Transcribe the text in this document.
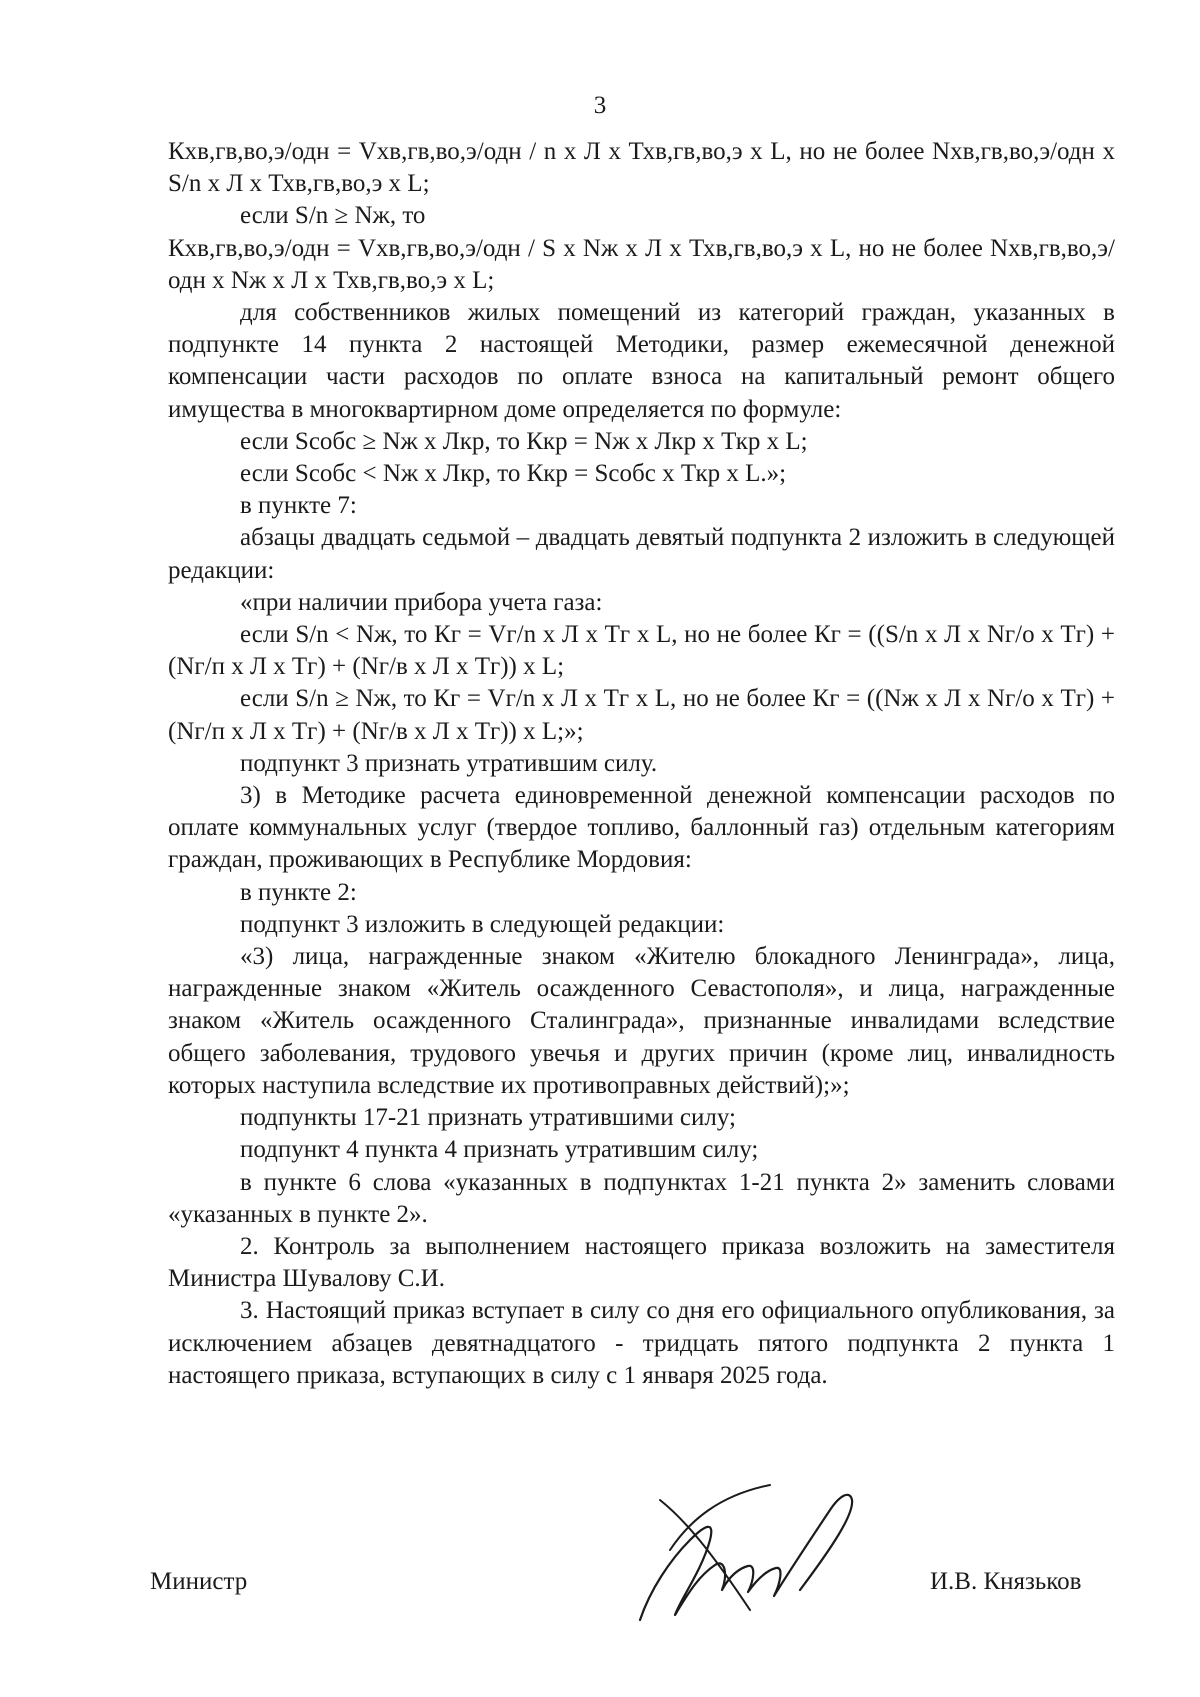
3

Кхв,гв,во,э/одн = Vхв,гв,во,э/одн / n х Л х Тхв,гв,во,э х L, но не более Nхв,гв,во,э/одн х S/n х Л х Тхв,гв,во,э х L;

если S/n ≥ Nж, то

Кхв,гв,во,э/одн = Vхв,гв,во,э/одн / S х Nж х Л х Тхв,гв,во,э х L, но не более Nхв,гв,во,э/одн х Nж х Л х Тхв,гв,во,э х L;

для собственников жилых помещений из категорий граждан, указанных в подпункте 14 пункта 2 настоящей Методики, размер ежемесячной денежной компенсации части расходов по оплате взноса на капитальный ремонт общего имущества в многоквартирном доме определяется по формуле:

если Sсобс ≥ Nж х Лкр, то Ккр = Nж х Лкр х Ткр х L;

если Sсобс < Nж х Лкр, то Ккр = Sсобс х Ткр х L.»;

в пункте 7:

абзацы двадцать седьмой – двадцать девятый подпункта 2 изложить в следующей редакции:

«при наличии прибора учета газа:

если S/n < Nж, то Кг = Vг/n х Л х Тг х L, но не более Кг = ((S/n х Л х Nг/о х Тг) + (Nг/п х Л х Тг) + (Nг/в х Л х Тг)) х L;

если S/n ≥ Nж, то Кг = Vг/n х Л х Тг х L, но не более Кг = ((Nж х Л х Nг/о х Тг) + (Nг/п х Л х Тг) + (Nг/в х Л х Тг)) х L;»;

подпункт 3 признать утратившим силу.

3) в Методике расчета единовременной денежной компенсации расходов по оплате коммунальных услуг (твердое топливо, баллонный газ) отдельным категориям граждан, проживающих в Республике Мордовия:

в пункте 2:

подпункт 3 изложить в следующей редакции:

«3) лица, награжденные знаком «Жителю блокадного Ленинграда», лица, награжденные знаком «Житель осажденного Севастополя», и лица, награжденные знаком «Житель осажденного Сталинграда», признанные инвалидами вследствие общего заболевания, трудового увечья и других причин (кроме лиц, инвалидность которых наступила вследствие их противоправных действий);»;

подпункты 17-21 признать утратившими силу;

подпункт 4 пункта 4 признать утратившим силу;

в пункте 6 слова «указанных в подпунктах 1-21 пункта 2» заменить словами «указанных в пункте 2».

2. Контроль за выполнением настоящего приказа возложить на заместителя Министра Шувалову С.И.

3. Настоящий приказ вступает в силу со дня его официального опубликования, за исключением абзацев девятнадцатого - тридцать пятого подпункта 2 пункта 1 настоящего приказа, вступающих в силу с 1 января 2025 года.

Министр	И.В. Князьков
